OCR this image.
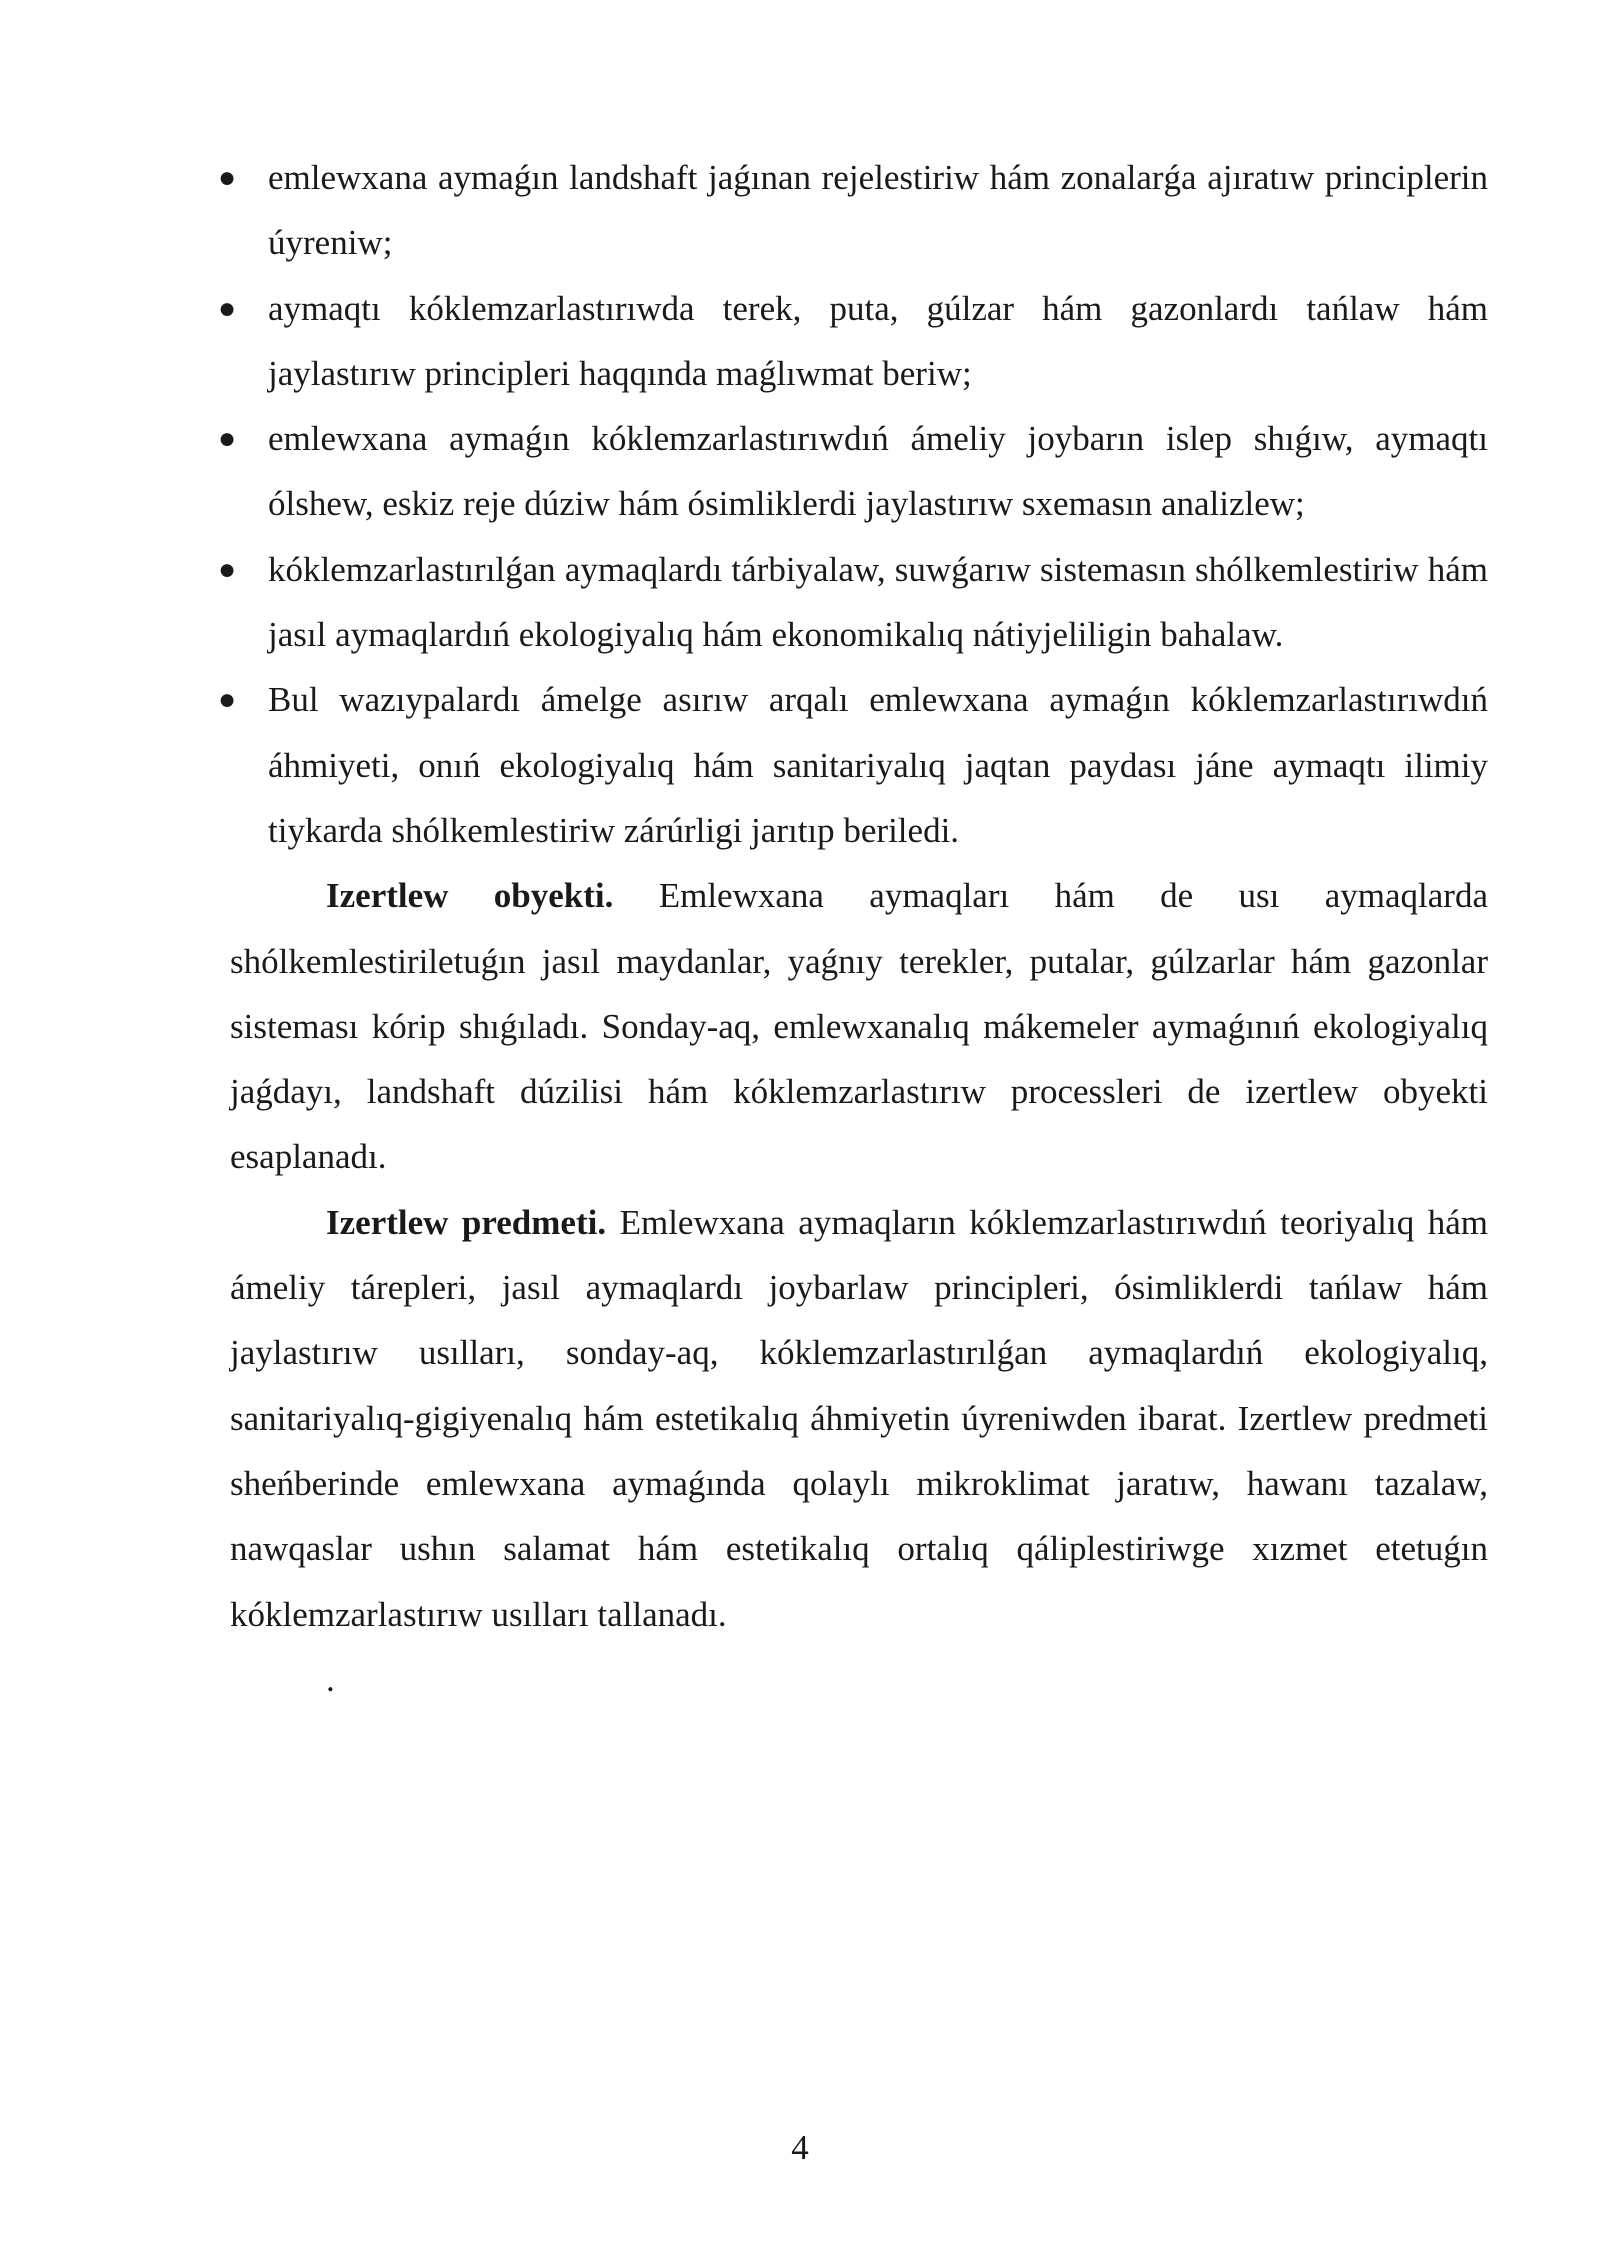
● emlewxana aymaǵın landshaft jaǵınan rejelestiriw hám zonalarǵa ajıratıw principlerin úyreniw;
● aymaqtı kóklemzarlastırıwda terek, puta, gúlzar hám gazonlardı tańlaw hám jaylastırıw principleri haqqında maǵlıwmat beriw;
● emlewxana aymaǵın kóklemzarlastırıwdıń ámeliy joybarın islep shıǵıw, aymaqtı ólshew, eskiz reje dúziw hám ósimliklerdi jaylastırıw sxemasın analizlew;
● kóklemzarlastırılǵan aymaqlardı tárbiyalaw, suwǵarıw sistemasın shólkemlestiriw hám jasıl aymaqlardıń ekologiyalıq hám ekonomikalıq nátiyjeliligin bahalaw.
● Bul wazıypalardı ámelge asırıw arqalı emlewxana aymaǵın kóklemzarlastırıwdıń áhmiyeti, onıń ekologiyalıq hám sanitariyalıq jaqtan paydası jáne aymaqtı ilimiy tiykarda shólkemlestiriw zárúrligi jarıtıp beriledi.

Izertlew obyekti. Emlewxana aymaqları hám de usı aymaqlarda shólkemlestiriletuǵın jasıl maydanlar, yaǵnıy terekler, putalar, gúlzarlar hám gazonlar sisteması kórip shıǵıladı. Sonday-aq, emlewxanalıq mákemeler aymaǵınıń ekologiyalıq jaǵdayı, landshaft dúzilisi hám kóklemzarlastırıw processleri de izertlew obyekti esaplanadı.

Izertlew predmeti. Emlewxana aymaqların kóklemzarlastırıwdıń teoriyalıq hám ámeliy tárepleri, jasıl aymaqlardı joybarlaw principleri, ósimliklerdi tańlaw hám jaylastırıw usılları, sonday-aq, kóklemzarlastırılǵan aymaqlardıń ekologiyalıq, sanitariyalıq-gigiyenalıq hám estetikalıq áhmiyetin úyreniwden ibarat. Izertlew predmeti sheńberinde emlewxana aymaǵında qolaylı mikroklimat jaratıw, hawanı tazalaw, nawqaslar ushın salamat hám estetikalıq ortalıq qáliplestiriwge xızmet etetuǵın kóklemzarlastırıw usılları tallanadı.

.

4
